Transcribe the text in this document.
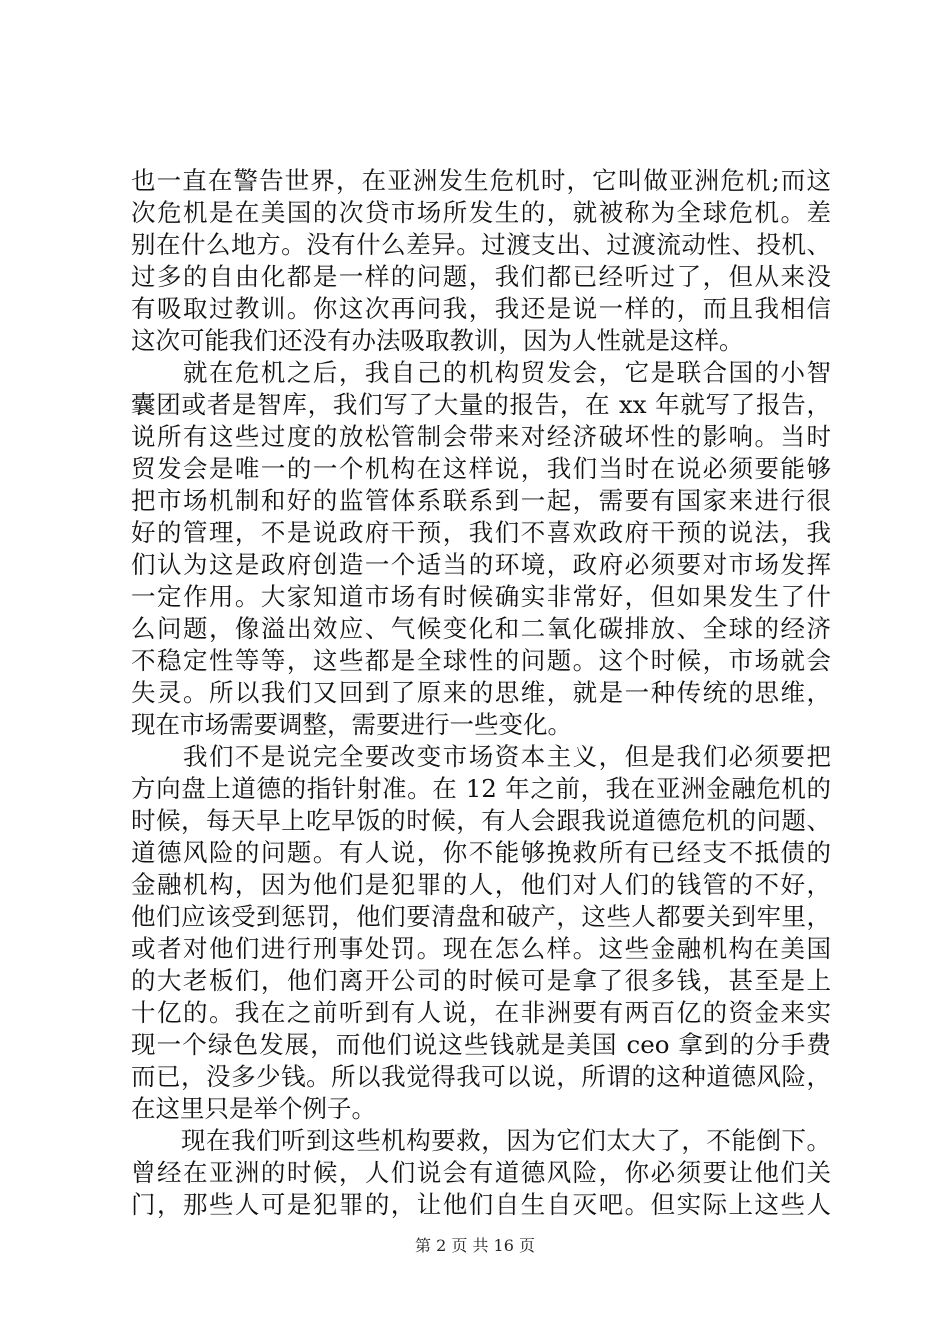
也一直在警告世界，在亚洲发生危机时，它叫做亚洲危机;而这
次危机是在美国的次贷市场所发生的，就被称为全球危机。差
别在什么地方。没有什么差异。过渡支出、过渡流动性、投机、
过多的自由化都是一样的问题，我们都已经听过了，但从来没
有吸取过教训。你这次再问我，我还是说一样的，而且我相信
这次可能我们还没有办法吸取教训，因为人性就是这样。
　　就在危机之后，我自己的机构贸发会，它是联合国的小智
囊团或者是智库，我们写了大量的报告，在 xx 年就写了报告，
说所有这些过度的放松管制会带来对经济破坏性的影响。当时
贸发会是唯一的一个机构在这样说，我们当时在说必须要能够
把市场机制和好的监管体系联系到一起，需要有国家来进行很
好的管理，不是说政府干预，我们不喜欢政府干预的说法，我
们认为这是政府创造一个适当的环境，政府必须要对市场发挥
一定作用。大家知道市场有时候确实非常好，但如果发生了什
么问题，像溢出效应、气候变化和二氧化碳排放、全球的经济
不稳定性等等，这些都是全球性的问题。这个时候，市场就会
失灵。所以我们又回到了原来的思维，就是一种传统的思维，
现在市场需要调整，需要进行一些变化。
　　我们不是说完全要改变市场资本主义，但是我们必须要把
方向盘上道德的指针射准。在 12 年之前，我在亚洲金融危机的
时候，每天早上吃早饭的时候，有人会跟我说道德危机的问题、
道德风险的问题。有人说，你不能够挽救所有已经支不抵债的
金融机构，因为他们是犯罪的人，他们对人们的钱管的不好，
他们应该受到惩罚，他们要清盘和破产，这些人都要关到牢里，
或者对他们进行刑事处罚。现在怎么样。这些金融机构在美国
的大老板们，他们离开公司的时候可是拿了很多钱，甚至是上
十亿的。我在之前听到有人说，在非洲要有两百亿的资金来实
现一个绿色发展，而他们说这些钱就是美国 ceo 拿到的分手费
而已，没多少钱。所以我觉得我可以说，所谓的这种道德风险，
在这里只是举个例子。
　　现在我们听到这些机构要救，因为它们太大了，不能倒下。
曾经在亚洲的时候，人们说会有道德风险，你必须要让他们关
门，那些人可是犯罪的，让他们自生自灭吧。但实际上这些人
第 2 页 共 16 页
